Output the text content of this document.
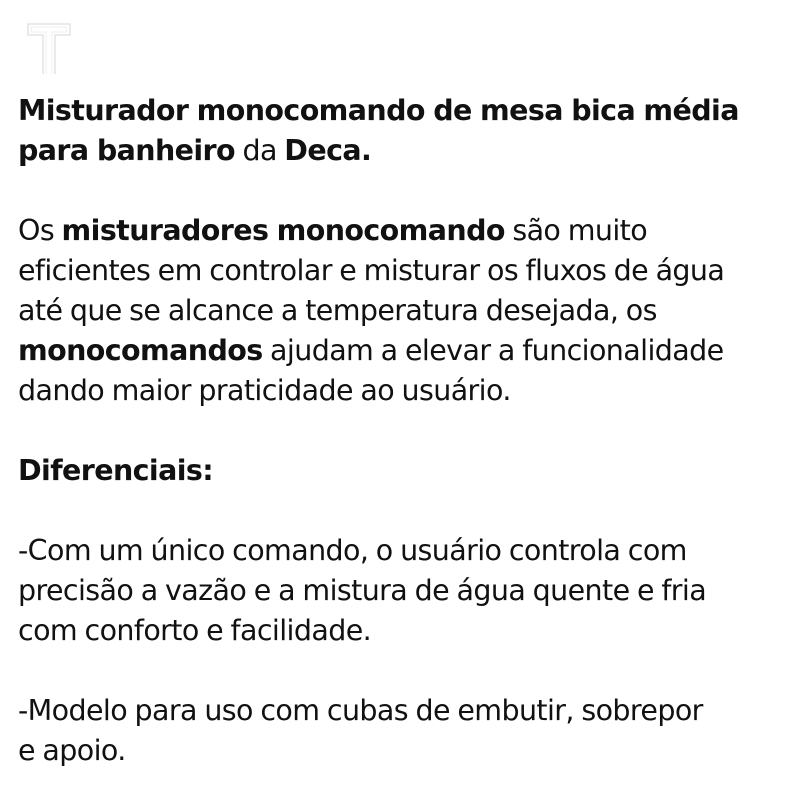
Misturador monocomando de mesa bica média

para banheiro da Deca.

Os misturadores monocomando são muito

eficientes em controlar e misturar os fluxos de água

até que se alcance a temperatura desejada, os

monocomandos ajudam a elevar a funcionalidade

dando maior praticidade ao usuário.

Diferenciais:

-Com um único comando, o usuário controla com

precisão a vazão e a mistura de água quente e fria

com conforto e facilidade.

-Modelo para uso com cubas de embutir, sobrepor

e apoio.
